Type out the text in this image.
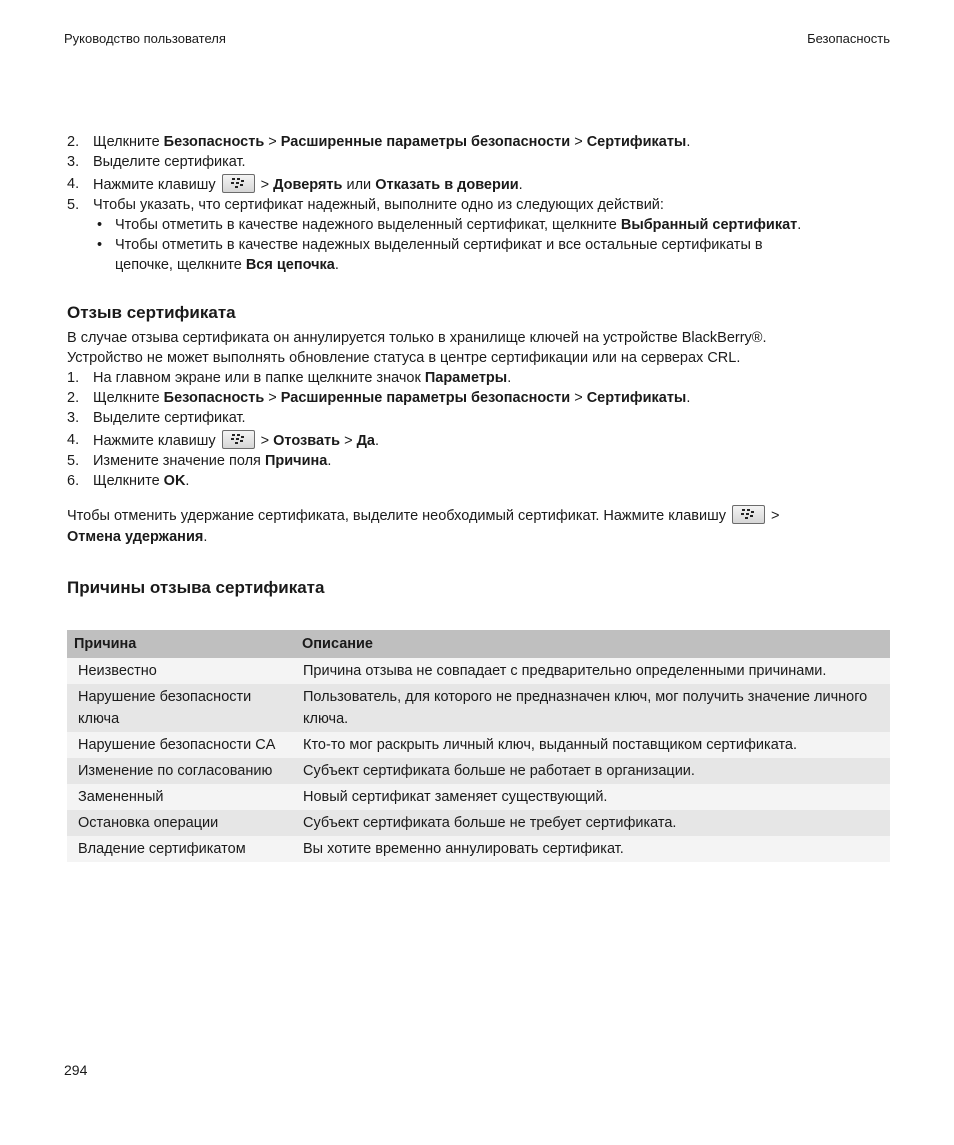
Руководство пользователя	Безопасность
2. Щелкните Безопасность > Расширенные параметры безопасности > Сертификаты.
3. Выделите сертификат.
4. Нажмите клавишу	> Доверять или Отказать в доверии.
5. Чтобы указать, что сертификат надежный, выполните одно из следующих действий:
• Чтобы отметить в качестве надежного выделенный сертификат, щелкните Выбранный сертификат.
• Чтобы отметить в качестве надежных выделенный сертификат и все остальные сертификаты в
цепочке, щелкните Вся цепочка.
Отзыв сертификата
В случае отзыва сертификата он аннулируется только в хранилище ключей на устройстве BlackBerry®.
Устройство не может выполнять обновление статуса в центре сертификации или на серверах CRL.
1. На главном экране или в папке щелкните значок Параметры.
2. Щелкните Безопасность > Расширенные параметры безопасности > Сертификаты.
3. Выделите сертификат.
4. Нажмите клавишу	> Отозвать > Да.
5. Измените значение поля Причина.
6. Щелкните OK.
Чтобы отменить удержание сертификата, выделите необходимый сертификат. Нажмите клавишу	>
Отмена удержания.
Причины отзыва сертификата
Причина	Описание
Неизвестно	Причина отзыва не совпадает с предварительно определенными причинами.
Нарушение безопасности ключа	Пользователь, для которого не предназначен ключ, мог получить значение личного ключа.
Нарушение безопасности CA	Кто-то мог раскрыть личный ключ, выданный поставщиком сертификата.
Изменение по согласованию	Субъект сертификата больше не работает в организации.
Замененный	Новый сертификат заменяет существующий.
Остановка операции	Субъект сертификата больше не требует сертификата.
Владение сертификатом	Вы хотите временно аннулировать сертификат.
294
